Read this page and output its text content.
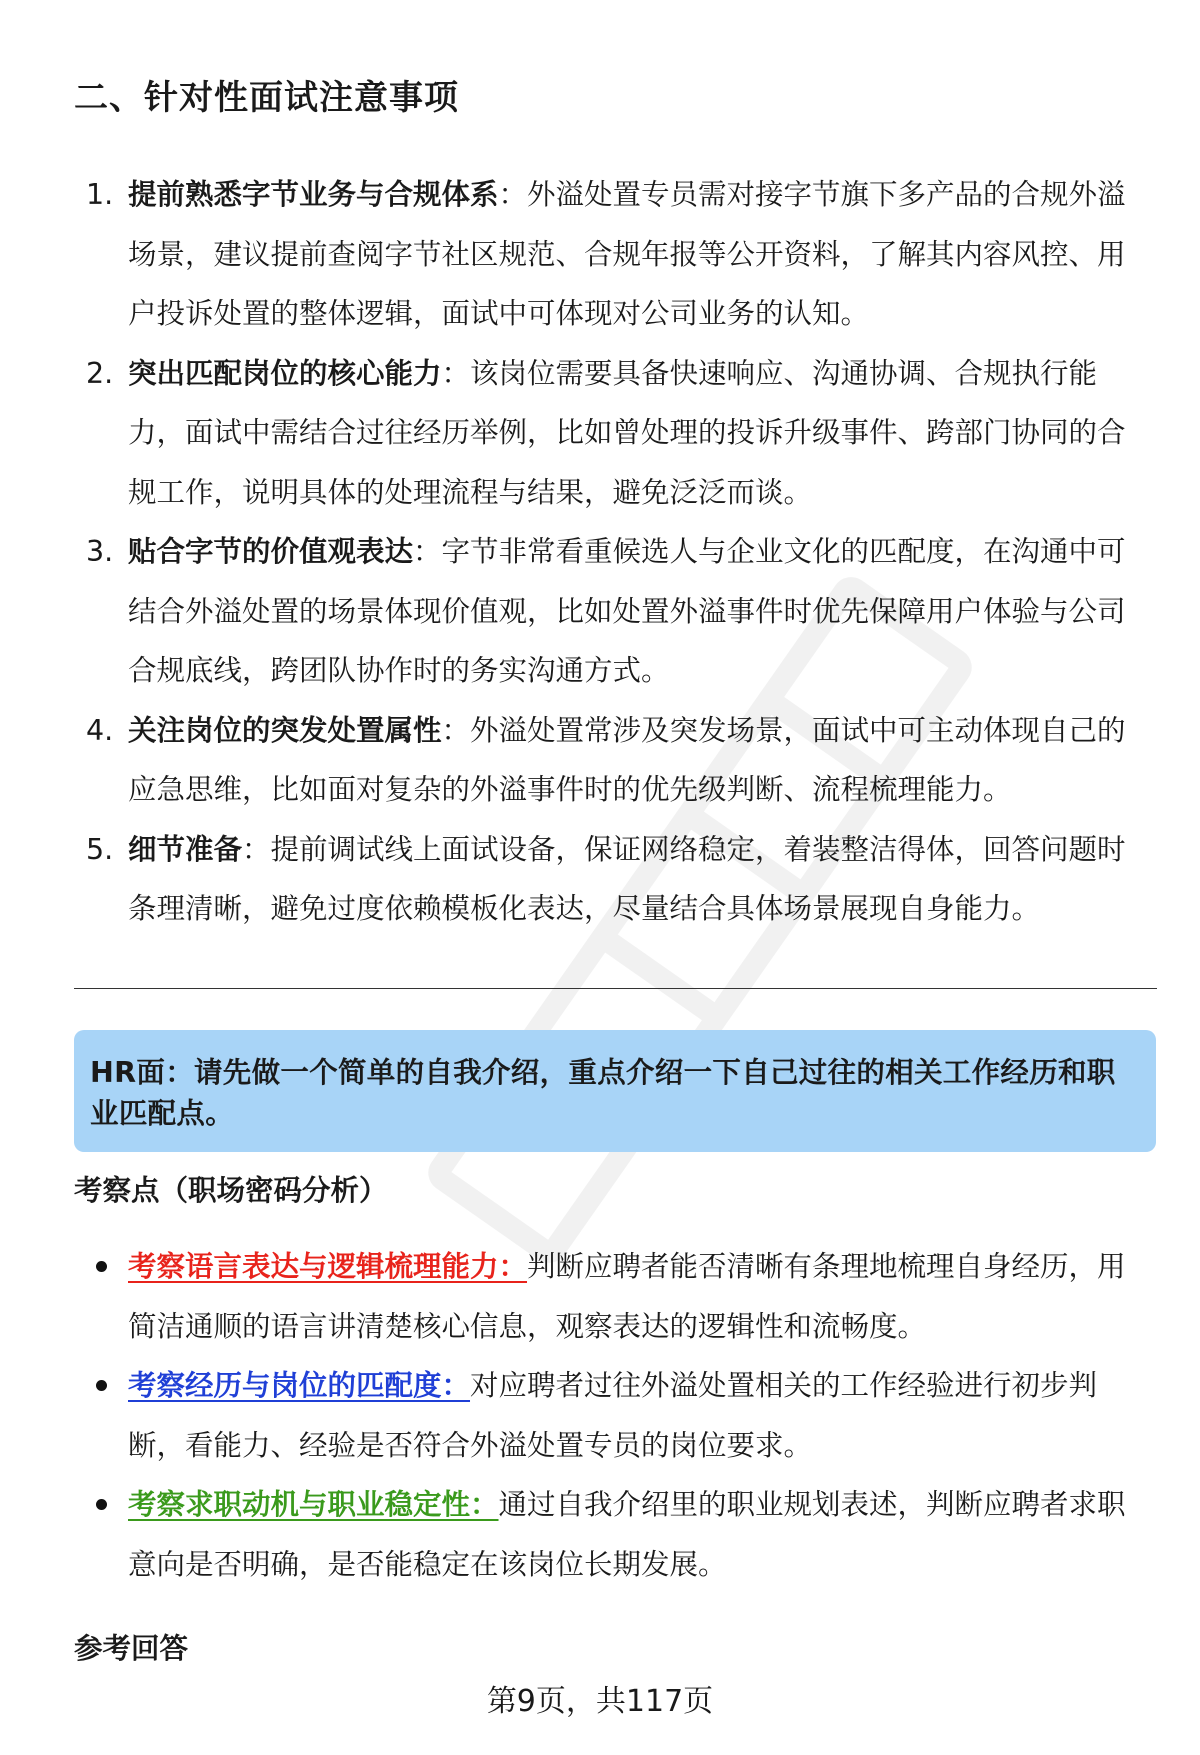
二、针对性面试注意事项
1. 提前熟悉字节业务与合规体系：外溢处置专员需对接字节旗下多产品的合规外溢场景，建议提前查阅字节社区规范、合规年报等公开资料，了解其内容风控、用户投诉处置的整体逻辑，面试中可体现对公司业务的认知。
2. 突出匹配岗位的核心能力：该岗位需要具备快速响应、沟通协调、合规执行能力，面试中需结合过往经历举例，比如曾处理的投诉升级事件、跨部门协同的合规工作，说明具体的处理流程与结果，避免泛泛而谈。
3. 贴合字节的价值观表达：字节非常看重候选人与企业文化的匹配度，在沟通中可结合外溢处置的场景体现价值观，比如处置外溢事件时优先保障用户体验与公司合规底线，跨团队协作时的务实沟通方式。
4. 关注岗位的突发处置属性：外溢处置常涉及突发场景，面试中可主动体现自己的应急思维，比如面对复杂的外溢事件时的优先级判断、流程梳理能力。
5. 细节准备：提前调试线上面试设备，保证网络稳定，着装整洁得体，回答问题时条理清晰，避免过度依赖模板化表达，尽量结合具体场景展现自身能力。
HR面：请先做一个简单的自我介绍，重点介绍一下自己过往的相关工作经历和职业匹配点。
考察点（职场密码分析）
考察语言表达与逻辑梳理能力：判断应聘者能否清晰有条理地梳理自身经历，用简洁通顺的语言讲清楚核心信息，观察表达的逻辑性和流畅度。
考察经历与岗位的匹配度：对应聘者过往外溢处置相关的工作经验进行初步判断，看能力、经验是否符合外溢处置专员的岗位要求。
考察求职动机与职业稳定性：通过自我介绍里的职业规划表述，判断应聘者求职意向是否明确，是否能稳定在该岗位长期发展。
参考回答
第9页，共117页
